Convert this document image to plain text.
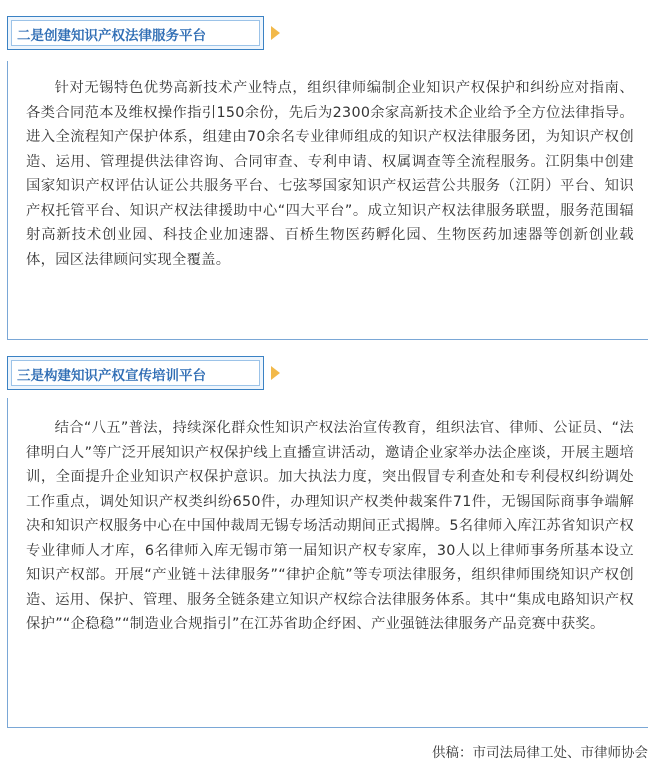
二是创建知识产权法律服务平台

针对无锡特色优势高新技术产业特点，组织律师编制企业知识产权保护和纠纷应对指南、各类合同范本及维权操作指引150余份，先后为2300余家高新技术企业给予全方位法律指导。进入全流程知产保护体系，组建由70余名专业律师组成的知识产权法律服务团，为知识产权创造、运用、管理提供法律咨询、合同审查、专利申请、权属调查等全流程服务。江阴集中创建国家知识产权评估认证公共服务平台、七弦琴国家知识产权运营公共服务（江阴）平台、知识产权托管平台、知识产权法律援助中心“四大平台”。成立知识产权法律服务联盟，服务范围辐射高新技术创业园、科技企业加速器、百桥生物医药孵化园、生物医药加速器等创新创业载体，园区法律顾问实现全覆盖。

三是构建知识产权宣传培训平台

结合“八五”普法，持续深化群众性知识产权法治宣传教育，组织法官、律师、公证员、“法律明白人”等广泛开展知识产权保护线上直播宣讲活动，邀请企业家举办法企座谈，开展主题培训，全面提升企业知识产权保护意识。加大执法力度，突出假冒专利查处和专利侵权纠纷调处工作重点，调处知识产权类纠纷650件，办理知识产权类仲裁案件71件，无锡国际商事争端解决和知识产权服务中心在中国仲裁周无锡专场活动期间正式揭牌。5名律师入库江苏省知识产权专业律师人才库，6名律师入库无锡市第一届知识产权专家库，30人以上律师事务所基本设立知识产权部。开展“产业链＋法律服务”“律护企航”等专项法律服务，组织律师围绕知识产权创造、运用、保护、管理、服务全链条建立知识产权综合法律服务体系。其中“集成电路知识产权保护”“企稳稳”“制造业合规指引”在江苏省助企纾困、产业强链法律服务产品竞赛中获奖。

供稿：市司法局律工处、市律师协会
